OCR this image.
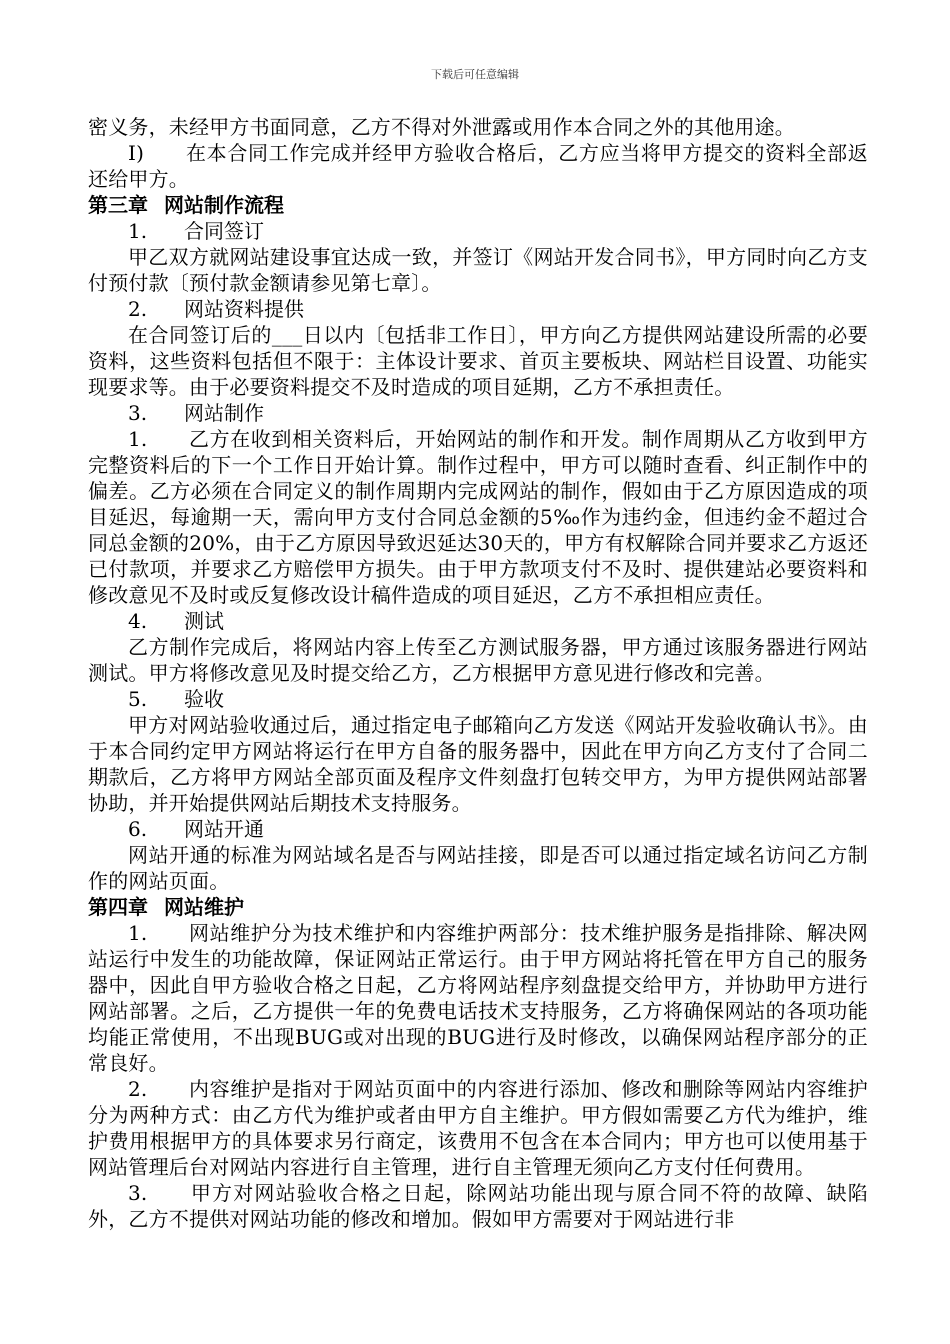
下载后可任意编辑

密义务，未经甲方书面同意，乙方不得对外泄露或用作本合同之外的其他用途。

I)　　在本合同工作完成并经甲方验收合格后，乙方应当将甲方提交的资料全部返还给甲方。

第三章 网站制作流程

1. 合同签订

甲乙双方就网站建设事宜达成一致，并签订《网站开发合同书》，甲方同时向乙方支付预付款〔预付款金额请参见第七章〕。

2. 网站资料提供

在合同签订后的___日以内〔包括非工作日〕，甲方向乙方提供网站建设所需的必要资料，这些资料包括但不限于：主体设计要求、首页主要板块、网站栏目设置、功能实现要求等。由于必要资料提交不及时造成的项目延期，乙方不承担责任。

3. 网站制作

1.　　乙方在收到相关资料后，开始网站的制作和开发。制作周期从乙方收到甲方完整资料后的下一个工作日开始计算。制作过程中，甲方可以随时查看、纠正制作中的偏差。乙方必须在合同定义的制作周期内完成网站的制作，假如由于乙方原因造成的项目延迟，每逾期一天，需向甲方支付合同总金额的5‰作为违约金，但违约金不超过合同总金额的20%，由于乙方原因导致迟延达30天的，甲方有权解除合同并要求乙方返还已付款项，并要求乙方赔偿甲方损失。由于甲方款项支付不及时、提供建站必要资料和修改意见不及时或反复修改设计稿件造成的项目延迟，乙方不承担相应责任。

4. 测试

乙方制作完成后，将网站内容上传至乙方测试服务器，甲方通过该服务器进行网站测试。甲方将修改意见及时提交给乙方，乙方根据甲方意见进行修改和完善。

5. 验收

甲方对网站验收通过后，通过指定电子邮箱向乙方发送《网站开发验收确认书》。由于本合同约定甲方网站将运行在甲方自备的服务器中，因此在甲方向乙方支付了合同二期款后，乙方将甲方网站全部页面及程序文件刻盘打包转交甲方，为甲方提供网站部署协助，并开始提供网站后期技术支持服务。

6. 网站开通

网站开通的标准为网站域名是否与网站挂接，即是否可以通过指定域名访问乙方制作的网站页面。

第四章 网站维护

1.　　网站维护分为技术维护和内容维护两部分：技术维护服务是指排除、解决网站运行中发生的功能故障，保证网站正常运行。由于甲方网站将托管在甲方自己的服务器中，因此自甲方验收合格之日起，乙方将网站程序刻盘提交给甲方，并协助甲方进行网站部署。之后，乙方提供一年的免费电话技术支持服务，乙方将确保网站的各项功能均能正常使用，不出现BUG或对出现的BUG进行及时修改，以确保网站程序部分的正常良好。

2.　　内容维护是指对于网站页面中的内容进行添加、修改和删除等网站内容维护分为两种方式：由乙方代为维护或者由甲方自主维护。甲方假如需要乙方代为维护，维护费用根据甲方的具体要求另行商定，该费用不包含在本合同内；甲方也可以使用基于网站管理后台对网站内容进行自主管理，进行自主管理无须向乙方支付任何费用。

3.　　甲方对网站验收合格之日起，除网站功能出现与原合同不符的故障、缺陷外，乙方不提供对网站功能的修改和增加。假如甲方需要对于网站进行非
